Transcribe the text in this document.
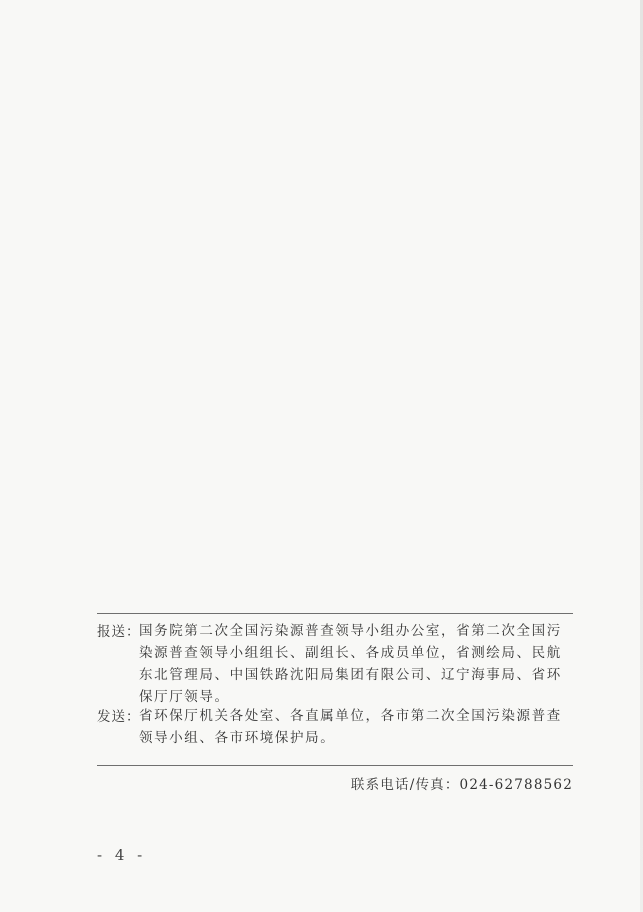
报送：
国务院第二次全国污染源普查领导小组办公室，省第二次全国污染源普查领导小组组长、副组长、各成员单位，省测绘局、民航东北管理局、中国铁路沈阳局集团有限公司、辽宁海事局、省环保厅厅领导。
发送：
省环保厅机关各处室、各直属单位，各市第二次全国污染源普查领导小组、各市环境保护局。
联系电话/传真：024-62788562
- 4 -
